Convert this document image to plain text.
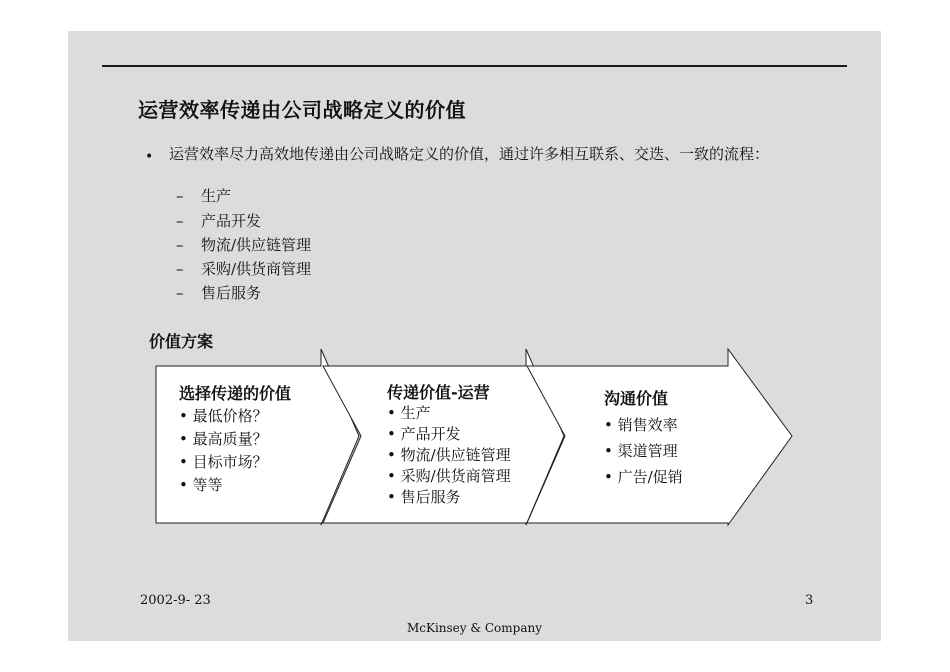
运营效率传递由公司战略定义的价值
• 运营效率尽力高效地传递由公司战略定义的价值，通过许多相互联系、交迭、一致的流程：
– 生产
– 产品开发
– 物流/供应链管理
– 采购/供货商管理
– 售后服务
价值方案
选择传递的价值
• 最低价格？
• 最高质量？
• 目标市场？
• 等等
传递价值-运营
• 生产
• 产品开发
• 物流/供应链管理
• 采购/供货商管理
• 售后服务
沟通价值
• 销售效率
• 渠道管理
• 广告/促销
2002-9- 23	3
McKinsey & Company
